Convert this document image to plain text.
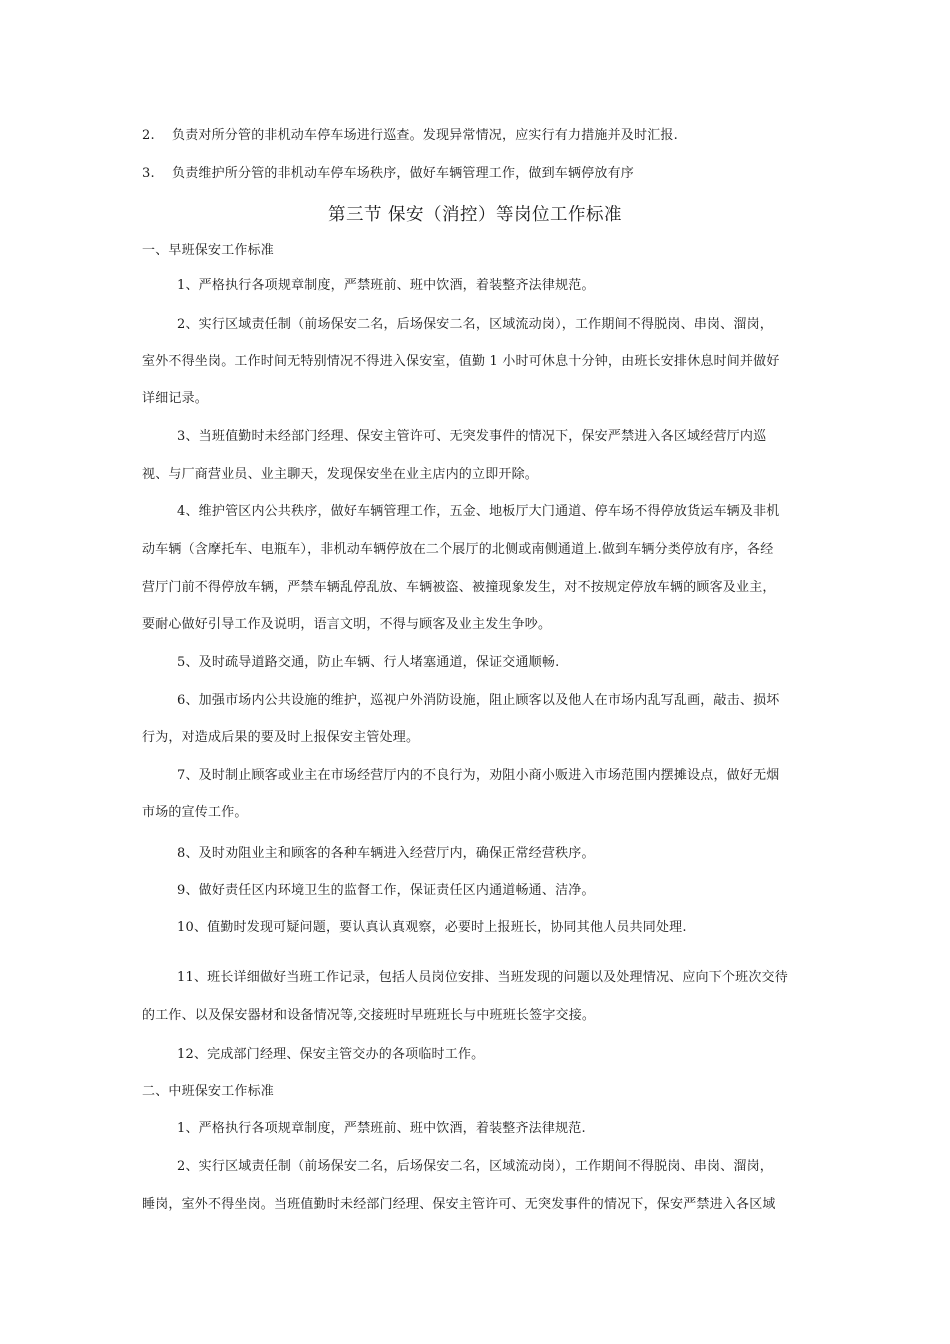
2. 负责对所分管的非机动车停车场进行巡查。发现异常情况，应实行有力措施并及时汇报.
3. 负责维护所分管的非机动车停车场秩序，做好车辆管理工作，做到车辆停放有序
第三节 保安（消控）等岗位工作标准
一、早班保安工作标准
1、严格执行各项规章制度，严禁班前、班中饮酒，着装整齐法律规范。
2、实行区域责任制（前场保安二名，后场保安二名，区域流动岗），工作期间不得脱岗、串岗、溜岗，
室外不得坐岗。工作时间无特别情况不得进入保安室，值勤 1 小时可休息十分钟，由班长安排休息时间并做好
详细记录。
3、当班值勤时未经部门经理、保安主管许可、无突发事件的情况下，保安严禁进入各区域经营厅内巡
视、与厂商营业员、业主聊天，发现保安坐在业主店内的立即开除。
4、维护管区内公共秩序，做好车辆管理工作，五金、地板厅大门通道、停车场不得停放货运车辆及非机
动车辆（含摩托车、电瓶车），非机动车辆停放在二个展厅的北侧或南侧通道上.做到车辆分类停放有序，各经
营厅门前不得停放车辆，严禁车辆乱停乱放、车辆被盗、被撞现象发生，对不按规定停放车辆的顾客及业主，
要耐心做好引导工作及说明，语言文明，不得与顾客及业主发生争吵。
5、及时疏导道路交通，防止车辆、行人堵塞通道，保证交通顺畅.
6、加强市场内公共设施的维护，巡视户外消防设施，阻止顾客以及他人在市场内乱写乱画，敲击、损坏
行为，对造成后果的要及时上报保安主管处理。
7、及时制止顾客或业主在市场经营厅内的不良行为，劝阻小商小贩进入市场范围内摆摊设点，做好无烟
市场的宣传工作。
8、及时劝阻业主和顾客的各种车辆进入经营厅内，确保正常经营秩序。
9、做好责任区内环境卫生的监督工作，保证责任区内通道畅通、洁净。
10、值勤时发现可疑问题，要认真认真观察，必要时上报班长，协同其他人员共同处理.
11、班长详细做好当班工作记录，包括人员岗位安排、当班发现的问题以及处理情况、应向下个班次交待
的工作、以及保安器材和设备情况等,交接班时早班班长与中班班长签字交接。
12、完成部门经理、保安主管交办的各项临时工作。
二、中班保安工作标准
1、严格执行各项规章制度，严禁班前、班中饮酒，着装整齐法律规范.
2、实行区域责任制（前场保安二名，后场保安二名，区域流动岗），工作期间不得脱岗、串岗、溜岗，
睡岗，室外不得坐岗。当班值勤时未经部门经理、保安主管许可、无突发事件的情况下，保安严禁进入各区域
